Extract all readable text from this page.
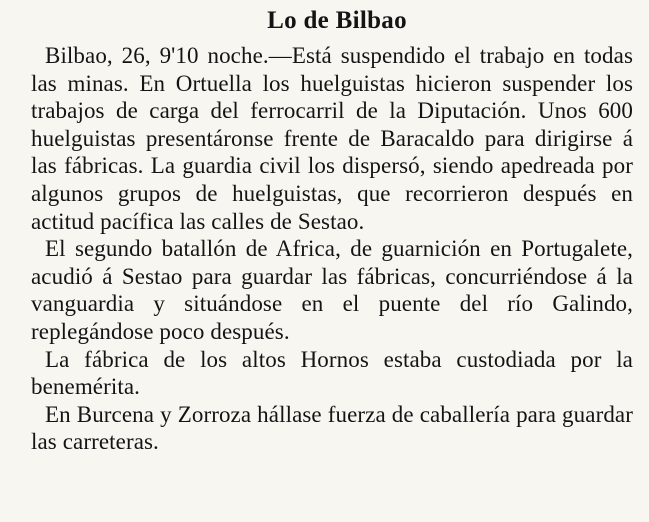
Lo de Bilbao

Bilbao, 26, 9'10 noche.—Está suspendido el trabajo en todas las minas. En Ortuella los huelguistas hicieron suspender los trabajos de carga del ferrocarril de la Diputación. Unos 600 huelguistas presentáronse frente de Baracaldo para dirigirse á las fábricas. La guardia civil los dispersó, siendo apedreada por algunos grupos de huelguistas, que recorrieron después en actitud pacífica las calles de Sestao.

El segundo batallón de Africa, de guarnición en Portugalete, acudió á Sestao para guardar las fábricas, concurriéndose á la vanguardia y situándose en el puente del río Galindo, replegándose poco después.

La fábrica de los altos Hornos estaba custodiada por la benemérita.

En Burcena y Zorroza hállase fuerza de caballería para guardar las carreteras.
